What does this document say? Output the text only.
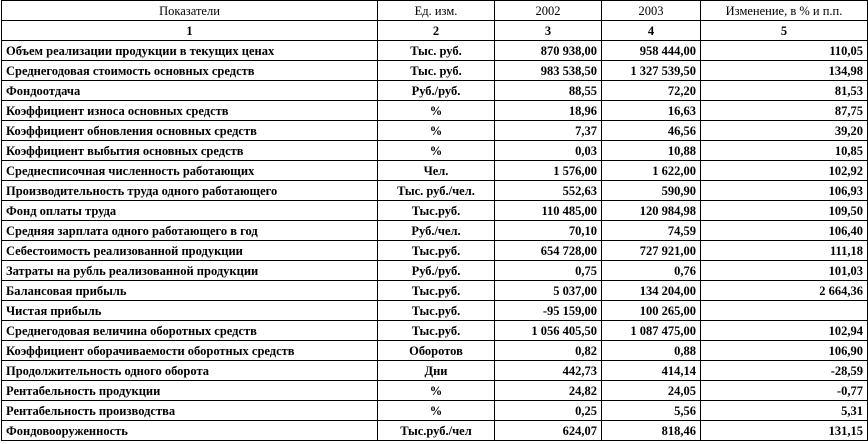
Показатели	Ед. изм.	2002	2003	Изменение, в % и п.п.
1	2	3	4	5
Объем реализации продукции в текущих ценах	Тыс. руб.	870 938,00	958 444,00	110,05
Среднегодовая стоимость основных средств	Тыс. руб.	983 538,50	1 327 539,50	134,98
Фондоотдача	Руб./руб.	88,55	72,20	81,53
Коэффициент износа основных средств	%	18,96	16,63	87,75
Коэффициент обновления основных средств	%	7,37	46,56	39,20
Коэффициент выбытия основных средств	%	0,03	10,88	10,85
Среднесписочная численность работающих	Чел.	1 576,00	1 622,00	102,92
Производительность труда одного работающего	Тыс. руб./чел.	552,63	590,90	106,93
Фонд оплаты труда	Тыс.руб.	110 485,00	120 984,98	109,50
Средняя зарплата одного работающего в год	Руб./чел.	70,10	74,59	106,40
Себестоимость реализованной продукции	Тыс.руб.	654 728,00	727 921,00	111,18
Затраты на рубль реализованной продукции	Руб./руб.	0,75	0,76	101,03
Балансовая прибыль	Тыс.руб.	5 037,00	134 204,00	2 664,36
Чистая прибыль	Тыс.руб.	-95 159,00	100 265,00	
Среднегодовая величина оборотных средств	Тыс.руб.	1 056 405,50	1 087 475,00	102,94
Коэффициент оборачиваемости оборотных средств	Оборотов	0,82	0,88	106,90
Продолжительность одного оборота	Дни	442,73	414,14	-28,59
Рентабельность продукции	%	24,82	24,05	-0,77
Рентабельность производства	%	0,25	5,56	5,31
Фондовооруженность	Тыс.руб./чел	624,07	818,46	131,15
